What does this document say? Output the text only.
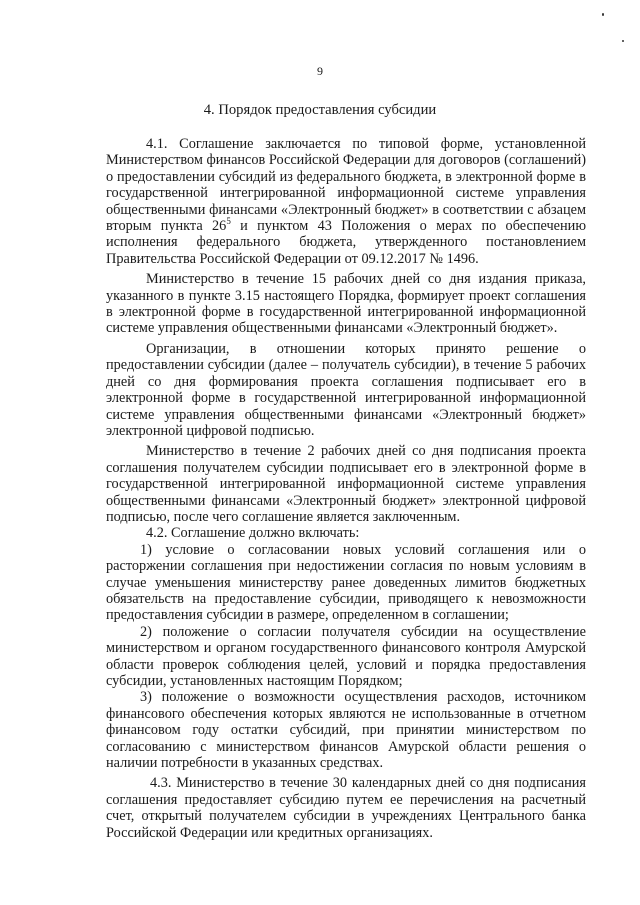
9
4. Порядок предоставления субсидии

4.1. Соглашение заключается по типовой форме, установленной Министерством финансов Российской Федерации для договоров (соглашений) о предоставлении субсидий из федерального бюджета, в электронной форме в государственной интегрированной информационной системе управления общественными финансами «Электронный бюджет» в соответствии с абзацем вторым пункта $26^5$ и пунктом 43 Положения о мерах по обеспечению исполнения федерального бюджета, утвержденного постановлением Правительства Российской Федерации от 09.12.2017 № 1496.

Министерство в течение 15 рабочих дней со дня издания приказа, указанного в пункте 3.15 настоящего Порядка, формирует проект соглашения в электронной форме в государственной интегрированной информационной системе управления общественными финансами «Электронный бюджет».

Организации, в отношении которых принято решение о предоставлении субсидии (далее – получатель субсидии), в течение 5 рабочих дней со дня формирования проекта соглашения подписывает его в электронной форме в государственной интегрированной информационной системе управления общественными финансами «Электронный бюджет» электронной цифровой подписью.

Министерство в течение 2 рабочих дней со дня подписания проекта соглашения получателем субсидии подписывает его в электронной форме в государственной интегрированной информационной системе управления общественными финансами «Электронный бюджет» электронной цифровой подписью, после чего соглашение является заключенным.

4.2. Соглашение должно включать:

1) условие о согласовании новых условий соглашения или о расторжении соглашения при недостижении согласия по новым условиям в случае уменьшения министерству ранее доведенных лимитов бюджетных обязательств на предоставление субсидии, приводящего к невозможности предоставления субсидии в размере, определенном в соглашении;

2) положение о согласии получателя субсидии на осуществление министерством и органом государственного финансового контроля Амурской области проверок соблюдения целей, условий и порядка предоставления субсидии, установленных настоящим Порядком;

3) положение о возможности осуществления расходов, источником финансового обеспечения которых являются не использованные в отчетном финансовом году остатки субсидий, при принятии министерством по согласованию с министерством финансов Амурской области решения о наличии потребности в указанных средствах.

4.3. Министерство в течение 30 календарных дней со дня подписания соглашения предоставляет субсидию путем ее перечисления на расчетный счет, открытый получателем субсидии в учреждениях Центрального банка Российской Федерации или кредитных организациях.
